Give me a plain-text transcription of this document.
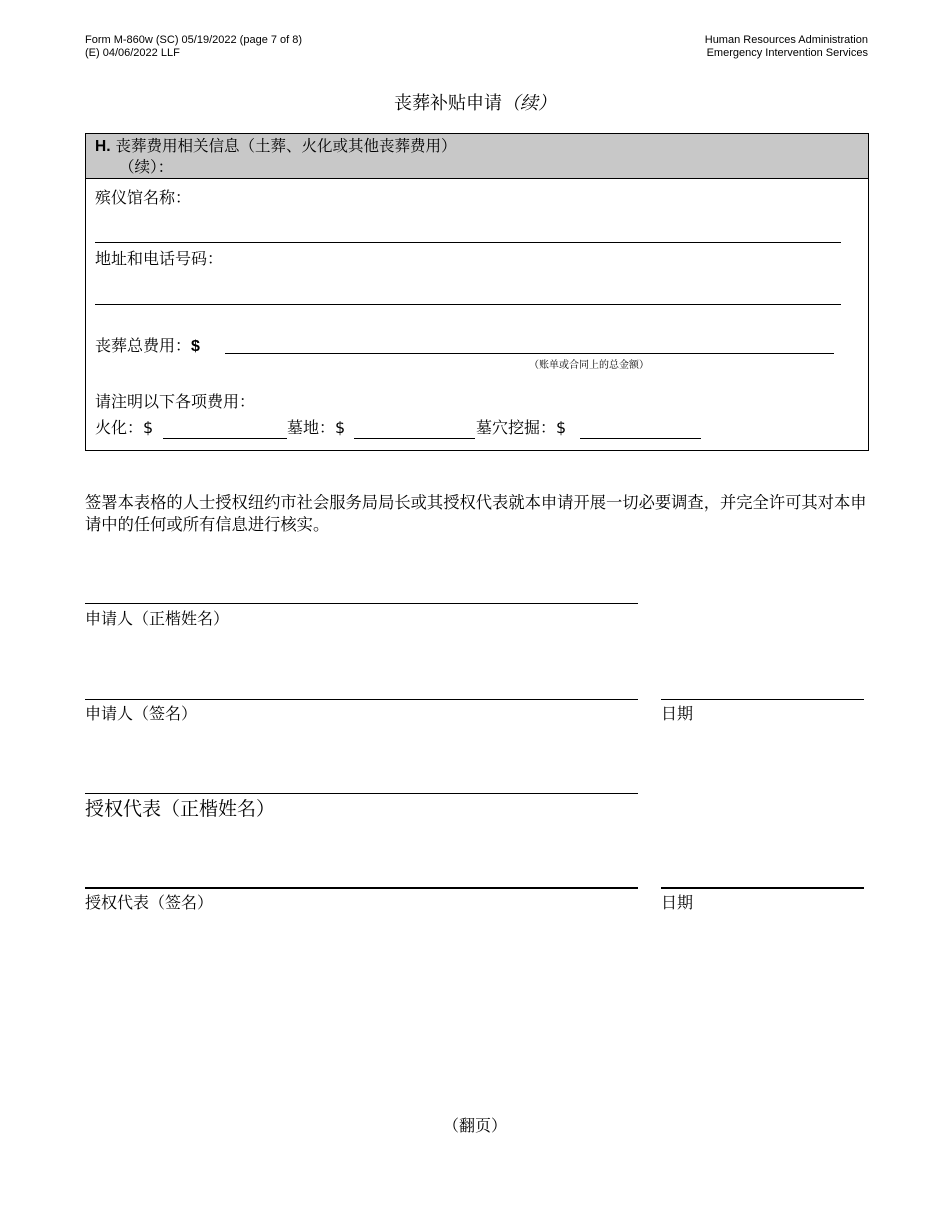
Form M-860w (SC) 05/19/2022 (page 7 of 8)
(E) 04/06/2022 LLF
Human Resources Administration
Emergency Intervention Services
丧葬补贴申请（续）
H. 丧葬费用相关信息（土葬、火化或其他丧葬费用）
（续）：
殡仪馆名称：
地址和电话号码：
丧葬总费用：$
（账单或合同上的总金额）
请注明以下各项费用：
火化：$	墓地：$	墓穴挖掘：$
签署本表格的人士授权纽约市社会服务局局长或其授权代表就本申请开展一切必要调查，并完全许可其对本申请中的任何或所有信息进行核实。
申请人（正楷姓名）
申请人（签名）	日期
授权代表（正楷姓名）
授权代表（签名）	日期
（翻页）
